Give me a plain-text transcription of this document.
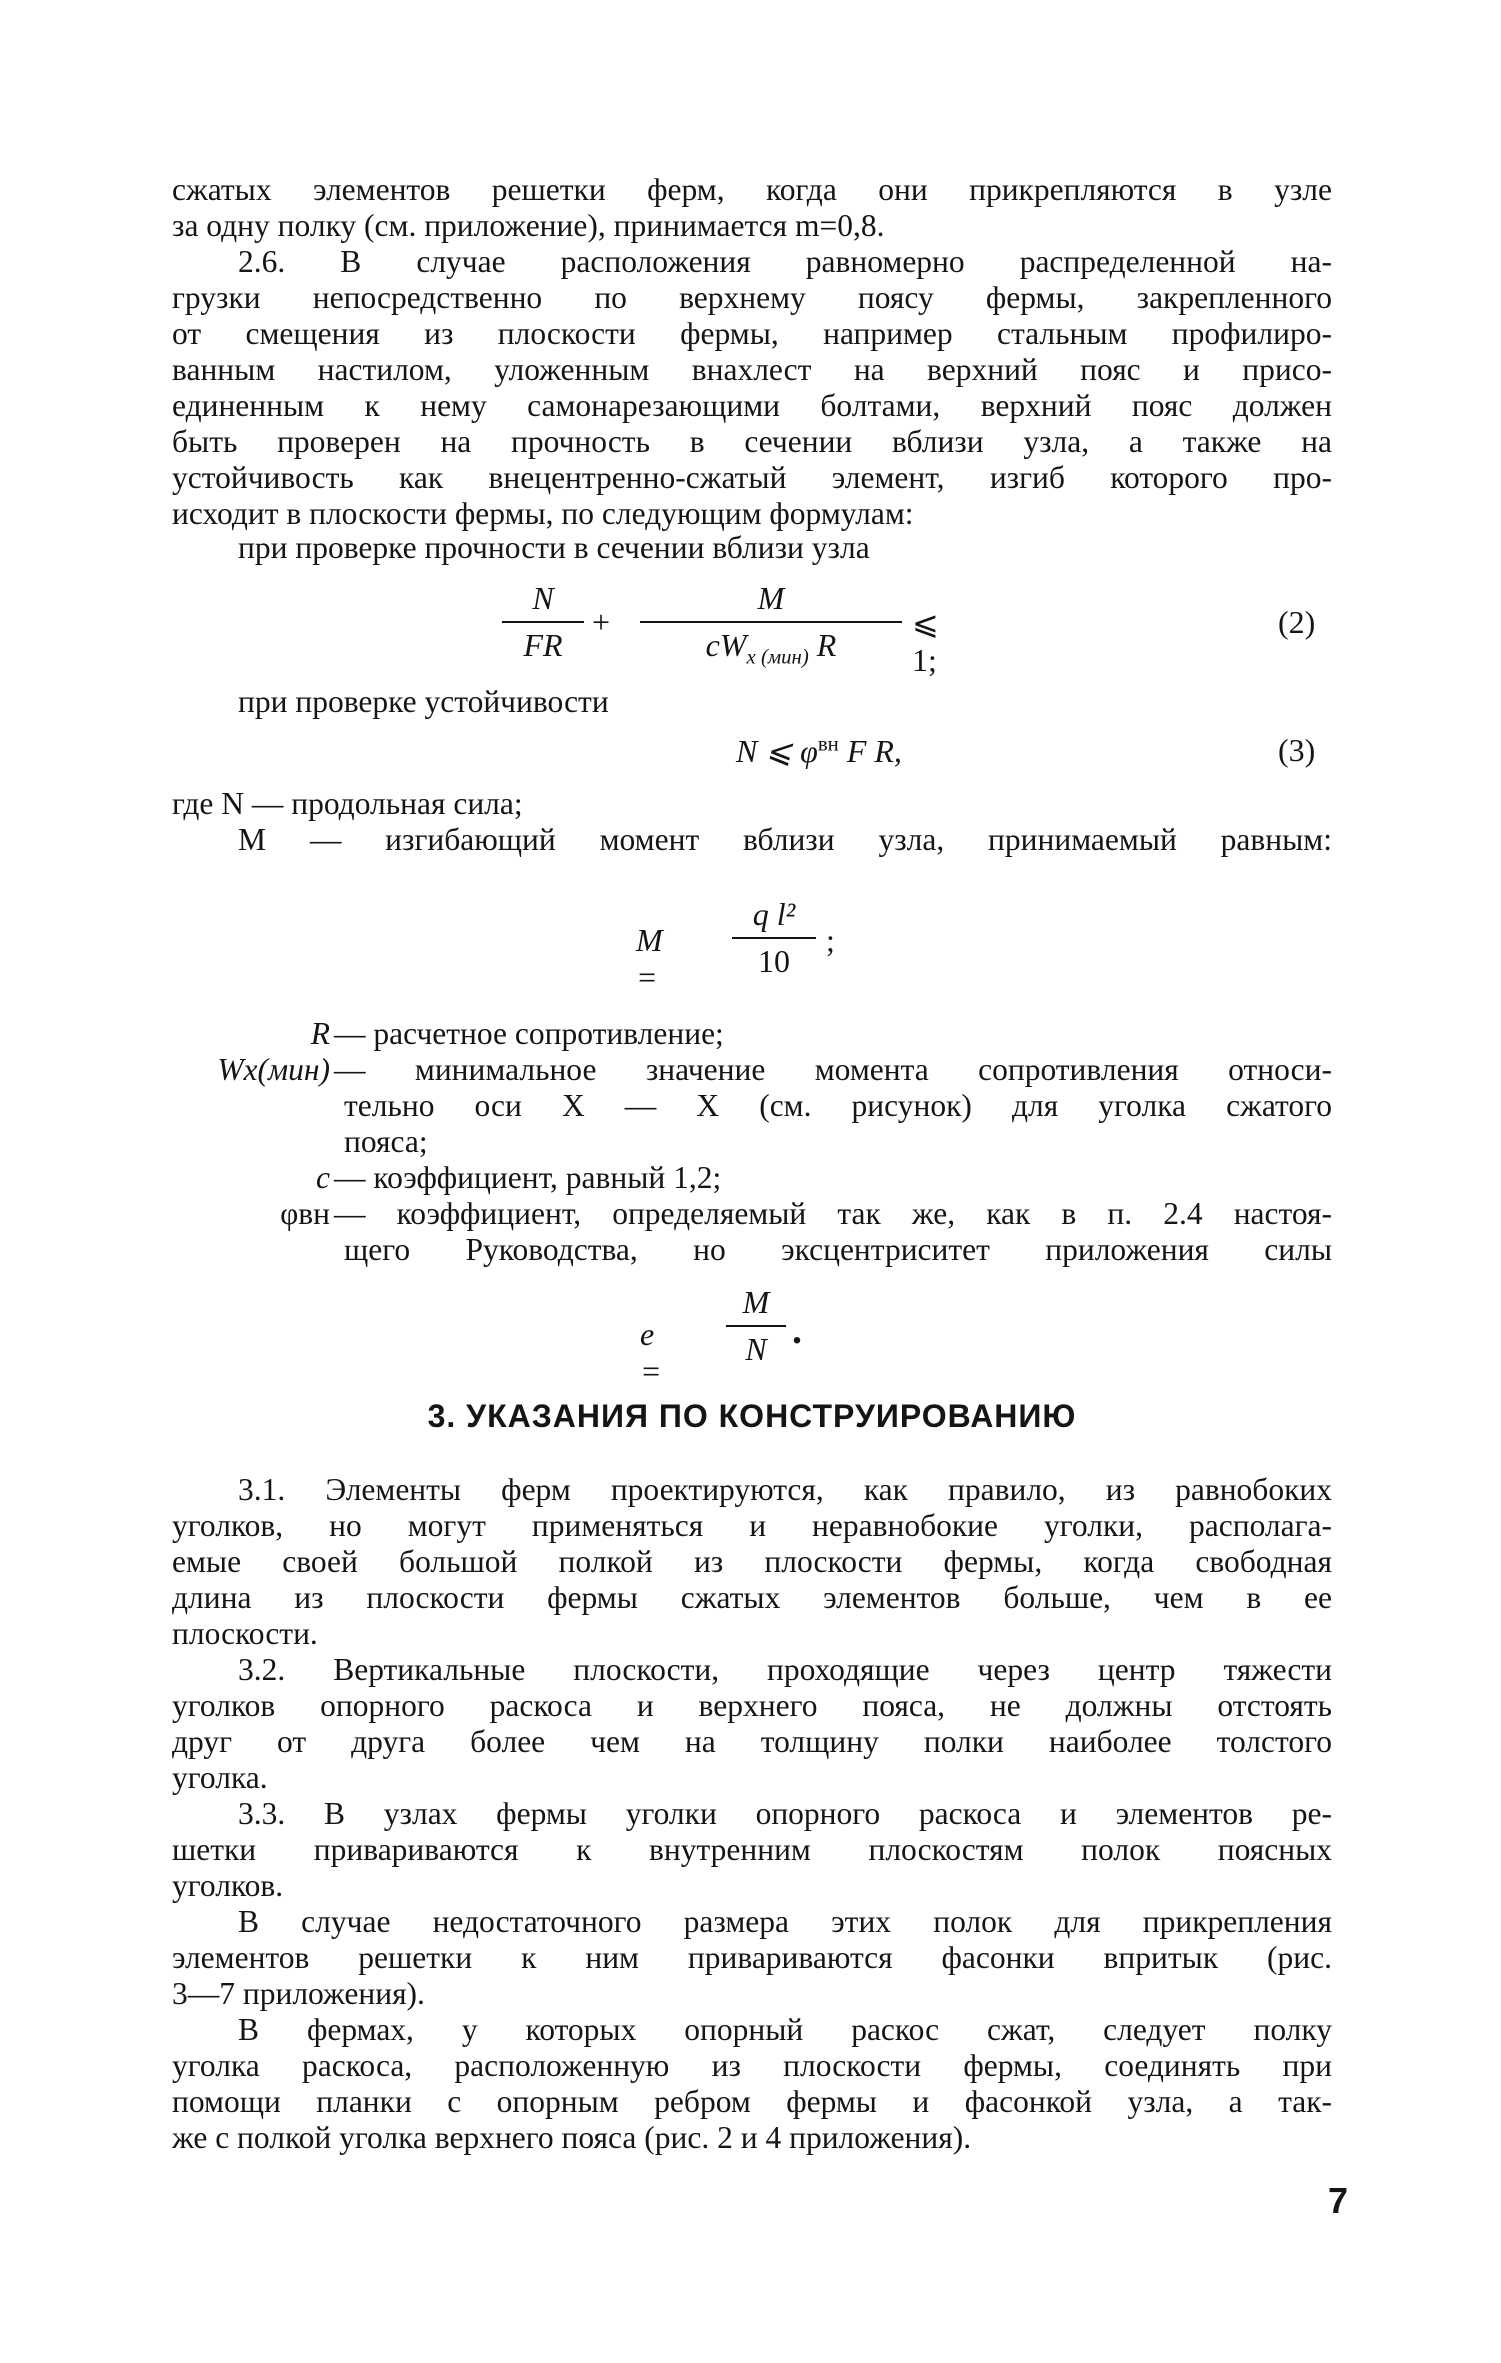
сжатых элементов решетки ферм, когда они прикрепляются в узле

за одну полку (см. приложение), принимается m=0,8.

2.6. В случае расположения равномерно распределенной на-

грузки непосредственно по верхнему поясу фермы, закрепленного

от смещения из плоскости фермы, например стальным профилиро-

ванным настилом, уложенным внахлест на верхний пояс и присо-

единенным к нему самонарезающими болтами, верхний пояс должен

быть проверен на прочность в сечении вблизи узла, а также на

устойчивость как внецентренно-сжатый элемент, изгиб которого про-

исходит в плоскости фермы, по следующим формулам:

при проверке прочности в сечении вблизи узла

N
FR
+
M
$cW_{x (мин)}$ R
⩽ 1;
(2)

при проверке устойчивости

N ⩽ $\varphi^{вн}$ F R,	(3)

где N — продольная сила;

M — изгибающий момент вблизи узла, принимаемый равным:

M =
q l²
10
;
R — расчетное сопротивление;
Wx(мин) — минимальное значение момента сопротивления относи-
тельно оси X — X (см. рисунок) для уголка сжатого
пояса;
c — коэффициент, равный 1,2;
φвн — коэффициент, определяемый так же, как в п. 2.4 настоя-
щего Руководства, но эксцентриситет приложения силы
e =
M
N .
3. УКАЗАНИЯ ПО КОНСТРУИРОВАНИЮ

3.1. Элементы ферм проектируются, как правило, из равнобоких

уголков, но могут применяться и неравнобокие уголки, располага-

емые своей большой полкой из плоскости фермы, когда свободная

длина из плоскости фермы сжатых элементов больше, чем в ее

плоскости.

3.2. Вертикальные плоскости, проходящие через центр тяжести

уголков опорного раскоса и верхнего пояса, не должны отстоять

друг от друга более чем на толщину полки наиболее толстого

уголка.

3.3. В узлах фермы уголки опорного раскоса и элементов ре-

шетки привариваются к внутренним плоскостям полок поясных

уголков.

В случае недостаточного размера этих полок для прикрепления

элементов решетки к ним привариваются фасонки впритык (рис.

3—7 приложения).

В фермах, у которых опорный раскос сжат, следует полку

уголка раскоса, расположенную из плоскости фермы, соединять при

помощи планки с опорным ребром фермы и фасонкой узла, а так-

же с полкой уголка верхнего пояса (рис. 2 и 4 приложения).

7
